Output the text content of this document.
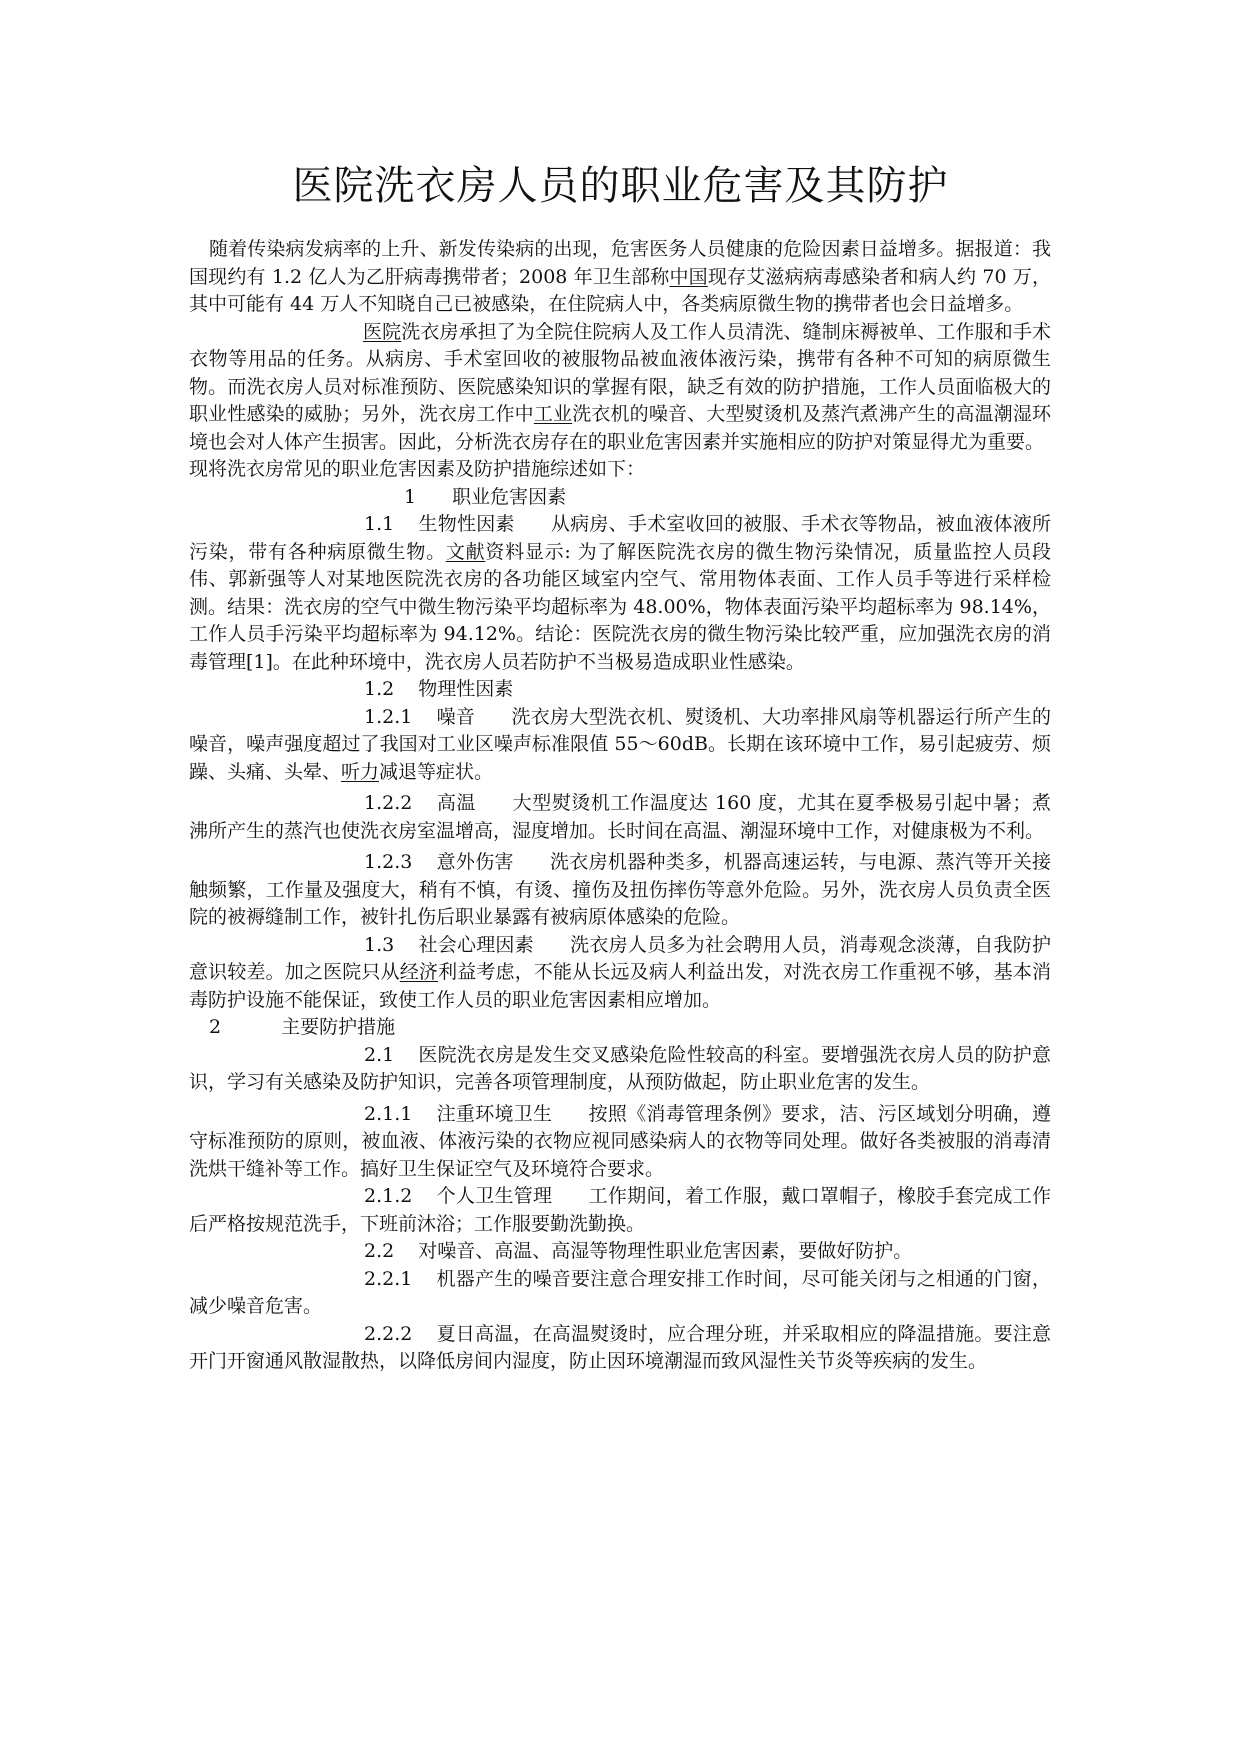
医院洗衣房人员的职业危害及其防护

随着传染病发病率的上升、新发传染病的出现，危害医务人员健康的危险因素日益增多。据报道：我国现约有 1.2 亿人为乙肝病毒携带者；2008 年卫生部称中国现存艾滋病病毒感染者和病人约 70 万，其中可能有 44 万人不知晓自己已被感染，在住院病人中，各类病原微生物的携带者也会日益增多。

医院洗衣房承担了为全院住院病人及工作人员清洗、缝制床褥被单、工作服和手术衣物等用品的任务。从病房、手术室回收的被服物品被血液体液污染，携带有各种不可知的病原微生物。而洗衣房人员对标准预防、医院感染知识的掌握有限，缺乏有效的防护措施，工作人员面临极大的职业性感染的威胁；另外，洗衣房工作中工业洗衣机的噪音、大型熨烫机及蒸汽煮沸产生的高温潮湿环境也会对人体产生损害。因此，分析洗衣房存在的职业危害因素并实施相应的防护对策显得尤为重要。

现将洗衣房常见的职业危害因素及防护措施综述如下：

1 职业危害因素

1.1 生物性因素 从病房、手术室收回的被服、手术衣等物品，被血液体液所污染，带有各种病原微生物。文献资料显示: 为了解医院洗衣房的微生物污染情况，质量监控人员段伟、郭新强等人对某地医院洗衣房的各功能区域室内空气、常用物体表面、工作人员手等进行采样检测。结果：洗衣房的空气中微生物污染平均超标率为 48.00%，物体表面污染平均超标率为 98.14%，工作人员手污染平均超标率为 94.12%。结论：医院洗衣房的微生物污染比较严重，应加强洗衣房的消毒管理[1]。在此种环境中，洗衣房人员若防护不当极易造成职业性感染。

1.2 物理性因素

1.2.1 噪音 洗衣房大型洗衣机、熨烫机、大功率排风扇等机器运行所产生的噪音，噪声强度超过了我国对工业区噪声标准限值 55～60dB。长期在该环境中工作，易引起疲劳、烦躁、头痛、头晕、听力减退等症状。

1.2.2 高温 大型熨烫机工作温度达 160 度，尤其在夏季极易引起中暑；煮沸所产生的蒸汽也使洗衣房室温增高，湿度增加。长时间在高温、潮湿环境中工作，对健康极为不利。

1.2.3 意外伤害 洗衣房机器种类多，机器高速运转，与电源、蒸汽等开关接触频繁，工作量及强度大，稍有不慎，有烫、撞伤及扭伤摔伤等意外危险。另外，洗衣房人员负责全医院的被褥缝制工作，被针扎伤后职业暴露有被病原体感染的危险。

1.3 社会心理因素 洗衣房人员多为社会聘用人员，消毒观念淡薄，自我防护意识较差。加之医院只从经济利益考虑，不能从长远及病人利益出发，对洗衣房工作重视不够，基本消毒防护设施不能保证，致使工作人员的职业危害因素相应增加。

2	主要防护措施

2.1 医院洗衣房是发生交叉感染危险性较高的科室。要增强洗衣房人员的防护意识，学习有关感染及防护知识，完善各项管理制度，从预防做起，防止职业危害的发生。

2.1.1 注重环境卫生 按照《消毒管理条例》要求，洁、污区域划分明确，遵守标准预防的原则，被血液、体液污染的衣物应视同感染病人的衣物等同处理。做好各类被服的消毒清洗烘干缝补等工作。搞好卫生保证空气及环境符合要求。

2.1.2 个人卫生管理 工作期间，着工作服，戴口罩帽子，橡胶手套完成工作后严格按规范洗手，下班前沐浴；工作服要勤洗勤换。

2.2 对噪音、高温、高湿等物理性职业危害因素，要做好防护。

2.2.1 机器产生的噪音要注意合理安排工作时间，尽可能关闭与之相通的门窗，减少噪音危害。

2.2.2 夏日高温，在高温熨烫时，应合理分班，并采取相应的降温措施。要注意开门开窗通风散湿散热，以降低房间内湿度，防止因环境潮湿而致风湿性关节炎等疾病的发生。
